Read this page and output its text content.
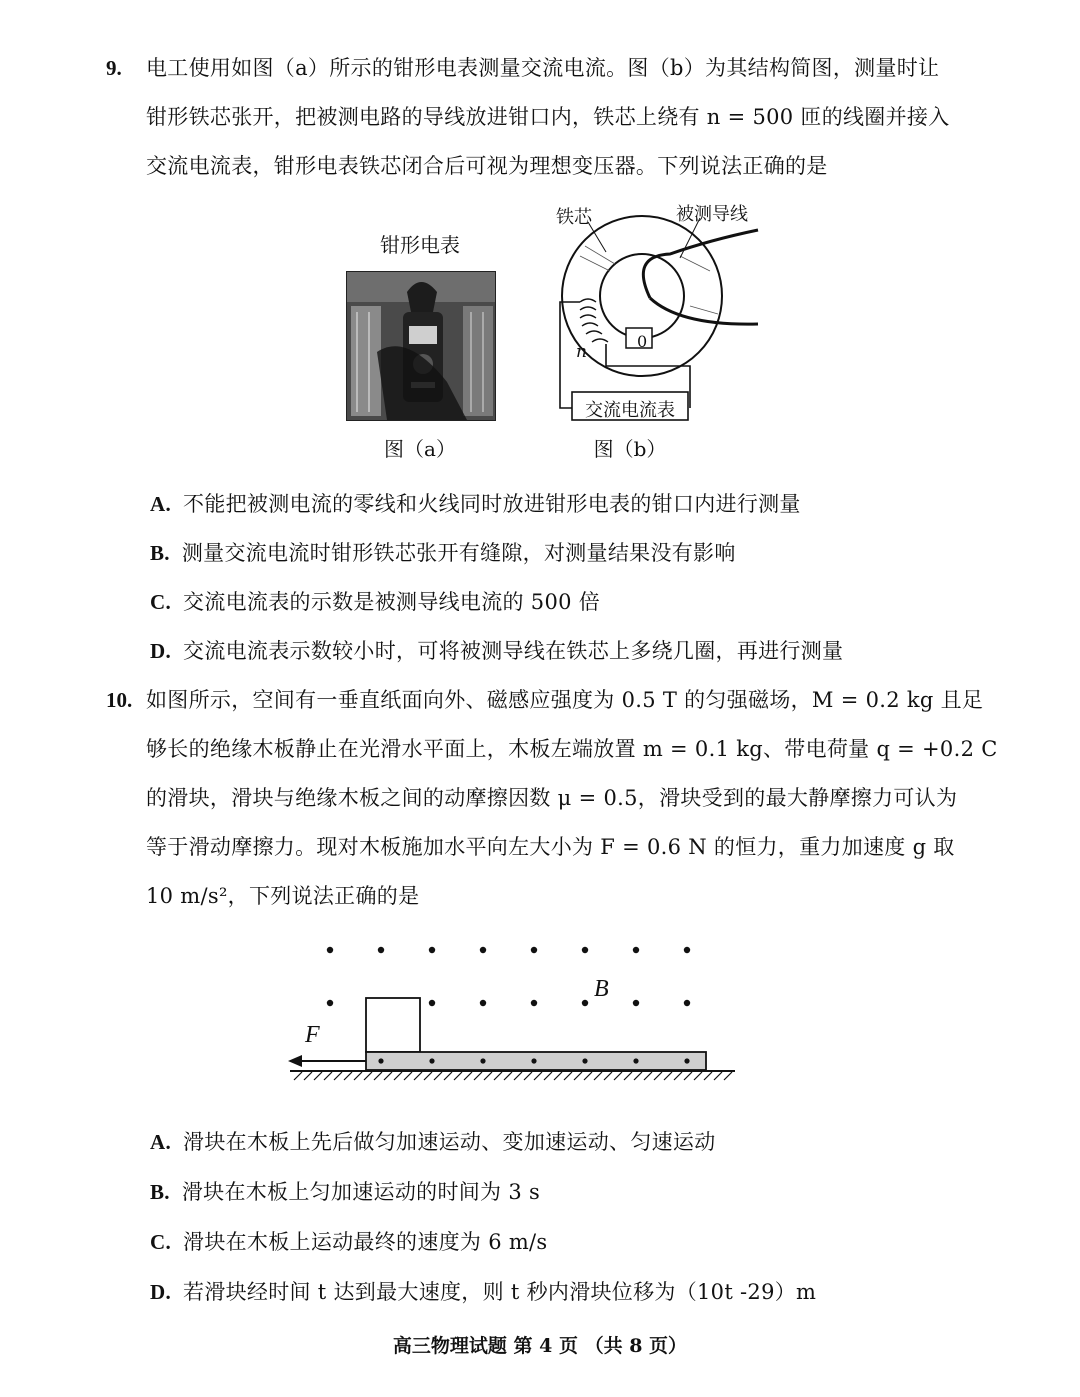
9. 电工使用如图（a）所示的钳形电表测量交流电流。图（b）为其结构简图，测量时让
钳形铁芯张开，把被测电路的导线放进钳口内，铁芯上绕有 n = 500 匝的线圈并接入
交流电流表，钳形电表铁芯闭合后可视为理想变压器。下列说法正确的是
钳形电表
图（a）
铁芯	被测导线
n
0
交流电流表
图（b）
A. 不能把被测电流的零线和火线同时放进钳形电表的钳口内进行测量
B. 测量交流电流时钳形铁芯张开有缝隙，对测量结果没有影响
C. 交流电流表的示数是被测导线电流的 500 倍
D. 交流电流表示数较小时，可将被测导线在铁芯上多绕几圈，再进行测量
10. 如图所示，空间有一垂直纸面向外、磁感应强度为 0.5 T 的匀强磁场，M = 0.2 kg 且足
够长的绝缘木板静止在光滑水平面上，木板左端放置 m = 0.1 kg、带电荷量 q = +0.2 C
的滑块，滑块与绝缘木板之间的动摩擦因数 μ = 0.5，滑块受到的最大静摩擦力可认为
等于滑动摩擦力。现对木板施加水平向左大小为 F = 0.6 N 的恒力，重力加速度 g 取
10 m/s²，下列说法正确的是
F
B
A. 滑块在木板上先后做匀加速运动、变加速运动、匀速运动
B. 滑块在木板上匀加速运动的时间为 3 s
C. 滑块在木板上运动最终的速度为 6 m/s
D. 若滑块经时间 t 达到最大速度，则 t 秒内滑块位移为（10t -29）m
高三物理试题 第 4 页 （共 8 页）
